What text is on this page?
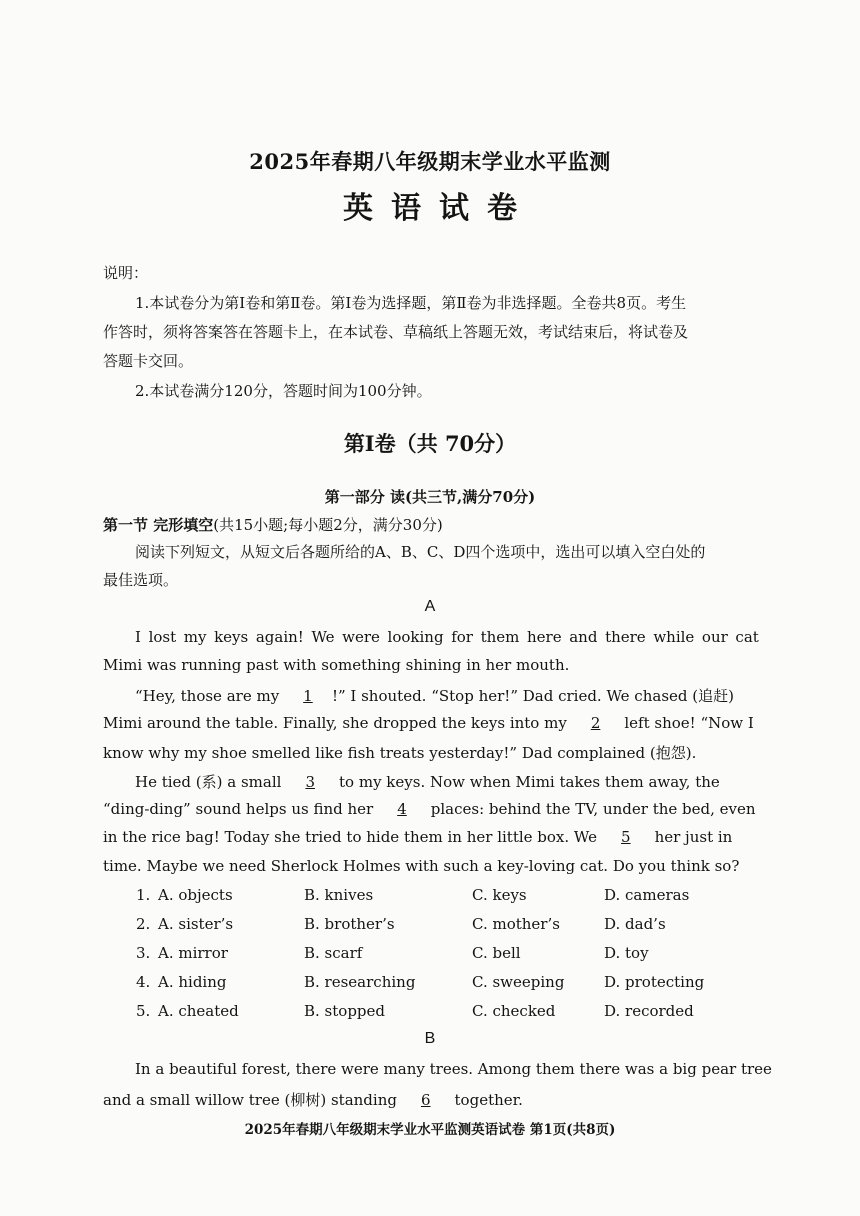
2025年春期八年级期末学业水平监测
英语试卷
说明：
1.本试卷分为第Ⅰ卷和第Ⅱ卷。第Ⅰ卷为选择题，第Ⅱ卷为非选择题。全卷共8页。考生
作答时，须将答案答在答题卡上，在本试卷、草稿纸上答题无效，考试结束后，将试卷及
答题卡交回。
2.本试卷满分120分，答题时间为100分钟。
第Ⅰ卷（共 70分）
第一部分 读(共三节,满分70分)
第一节 完形填空(共15小题;每小题2分，满分30分)
阅读下列短文，从短文后各题所给的A、B、C、D四个选项中，选出可以填入空白处的
最佳选项。
A
I lost my keys again! We were looking for them here and there while our cat
Mimi was running past with something shining in her mouth.
“Hey, those are my 1 !” I shouted. “Stop her!” Dad cried. We chased (追赶)
Mimi around the table. Finally, she dropped the keys into my 2 left shoe! “Now I
know why my shoe smelled like fish treats yesterday!” Dad complained (抱怨).
He tied (系) a small 3 to my keys. Now when Mimi takes them away, the
“ding-ding” sound helps us find her 4 places: behind the TV, under the bed, even
in the rice bag! Today she tried to hide them in her little box. We 5 her just in
time. Maybe we need Sherlock Holmes with such a key-loving cat. Do you think so?
1. A. objects	B. knives	C. keys	D. cameras
2. A. sister’s	B. brother’s	C. mother’s	D. dad’s
3. A. mirror	B. scarf	C. bell	D. toy
4. A. hiding	B. researching	C. sweeping	D. protecting
5. A. cheated	B. stopped	C. checked	D. recorded
B
In a beautiful forest, there were many trees. Among them there was a big pear tree
and a small willow tree (柳树) standing 6 together.
2025年春期八年级期末学业水平监测英语试卷 第1页(共8页)
